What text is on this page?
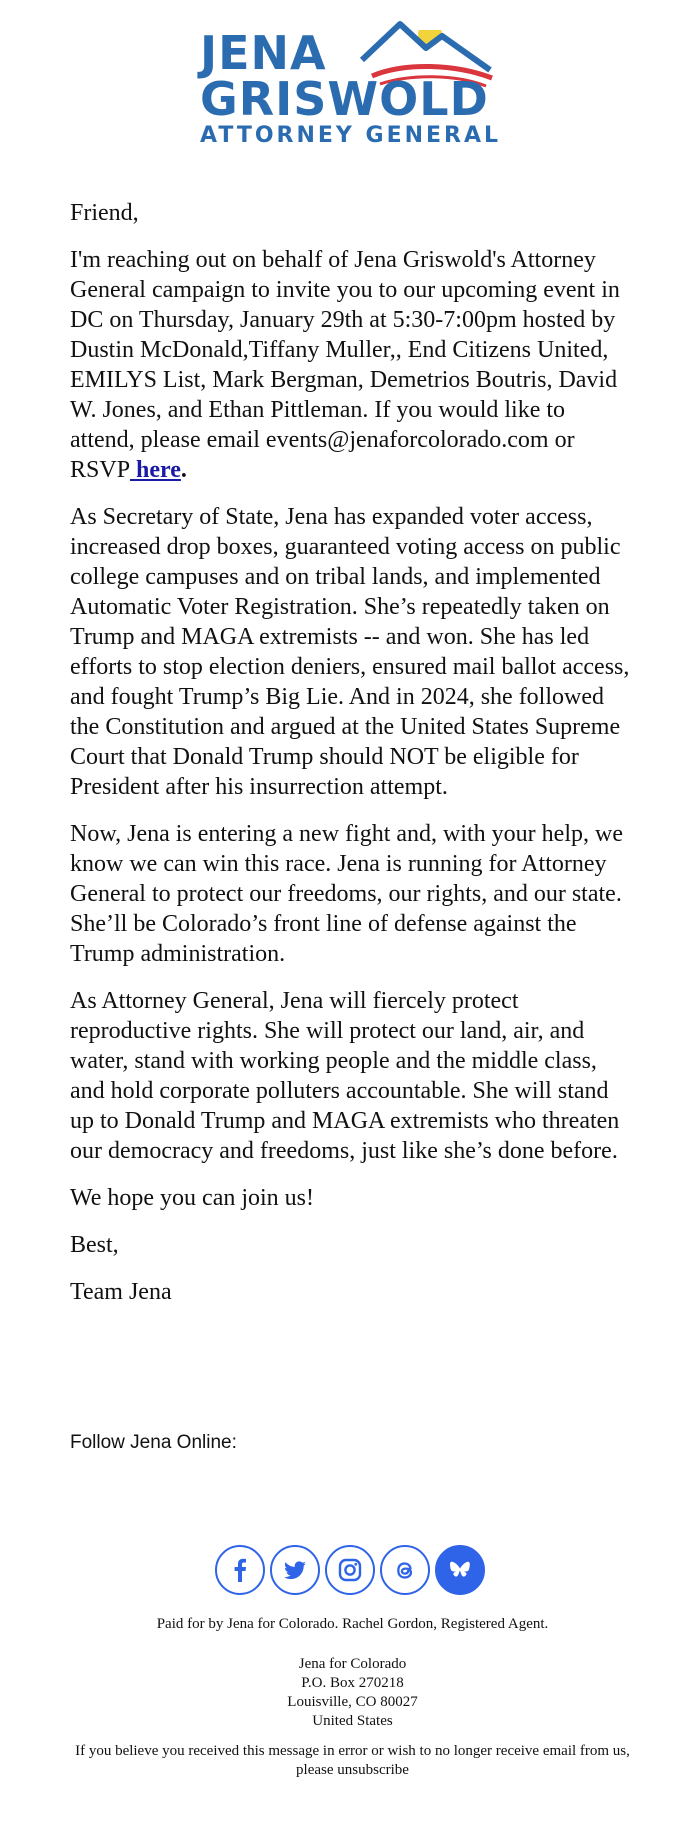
JENA
GRISWOLD
ATTORNEY GENERAL

Friend,

I'm reaching out on behalf of Jena Griswold's Attorney General campaign to invite you to our upcoming event in DC on Thursday, January 29th at 5:30-7:00pm hosted by Dustin McDonald,Tiffany Muller,, End Citizens United, EMILYS List, Mark Bergman, Demetrios Boutris, David W. Jones, and Ethan Pittleman. If you would like to attend, please email events@jenaforcolorado.com or RSVP here.

As Secretary of State, Jena has expanded voter access, increased drop boxes, guaranteed voting access on public college campuses and on tribal lands, and implemented Automatic Voter Registration. She’s repeatedly taken on Trump and MAGA extremists -- and won. She has led efforts to stop election deniers, ensured mail ballot access, and fought Trump’s Big Lie. And in 2024, she followed the Constitution and argued at the United States Supreme Court that Donald Trump should NOT be eligible for President after his insurrection attempt.

Now, Jena is entering a new fight and, with your help, we know we can win this race. Jena is running for Attorney General to protect our freedoms, our rights, and our state. She’ll be Colorado’s front line of defense against the Trump administration.

As Attorney General, Jena will fiercely protect reproductive rights. She will protect our land, air, and water, stand with working people and the middle class, and hold corporate polluters accountable. She will stand up to Donald Trump and MAGA extremists who threaten our democracy and freedoms, just like she’s done before.

We hope you can join us!

Best,

Team Jena

Follow Jena Online:
Paid for by Jena for Colorado. Rachel Gordon, Registered Agent.
Jena for Colorado
P.O. Box 270218
Louisville, CO 80027
United States
If you believe you received this message in error or wish to no longer receive email from us, please unsubscribe
